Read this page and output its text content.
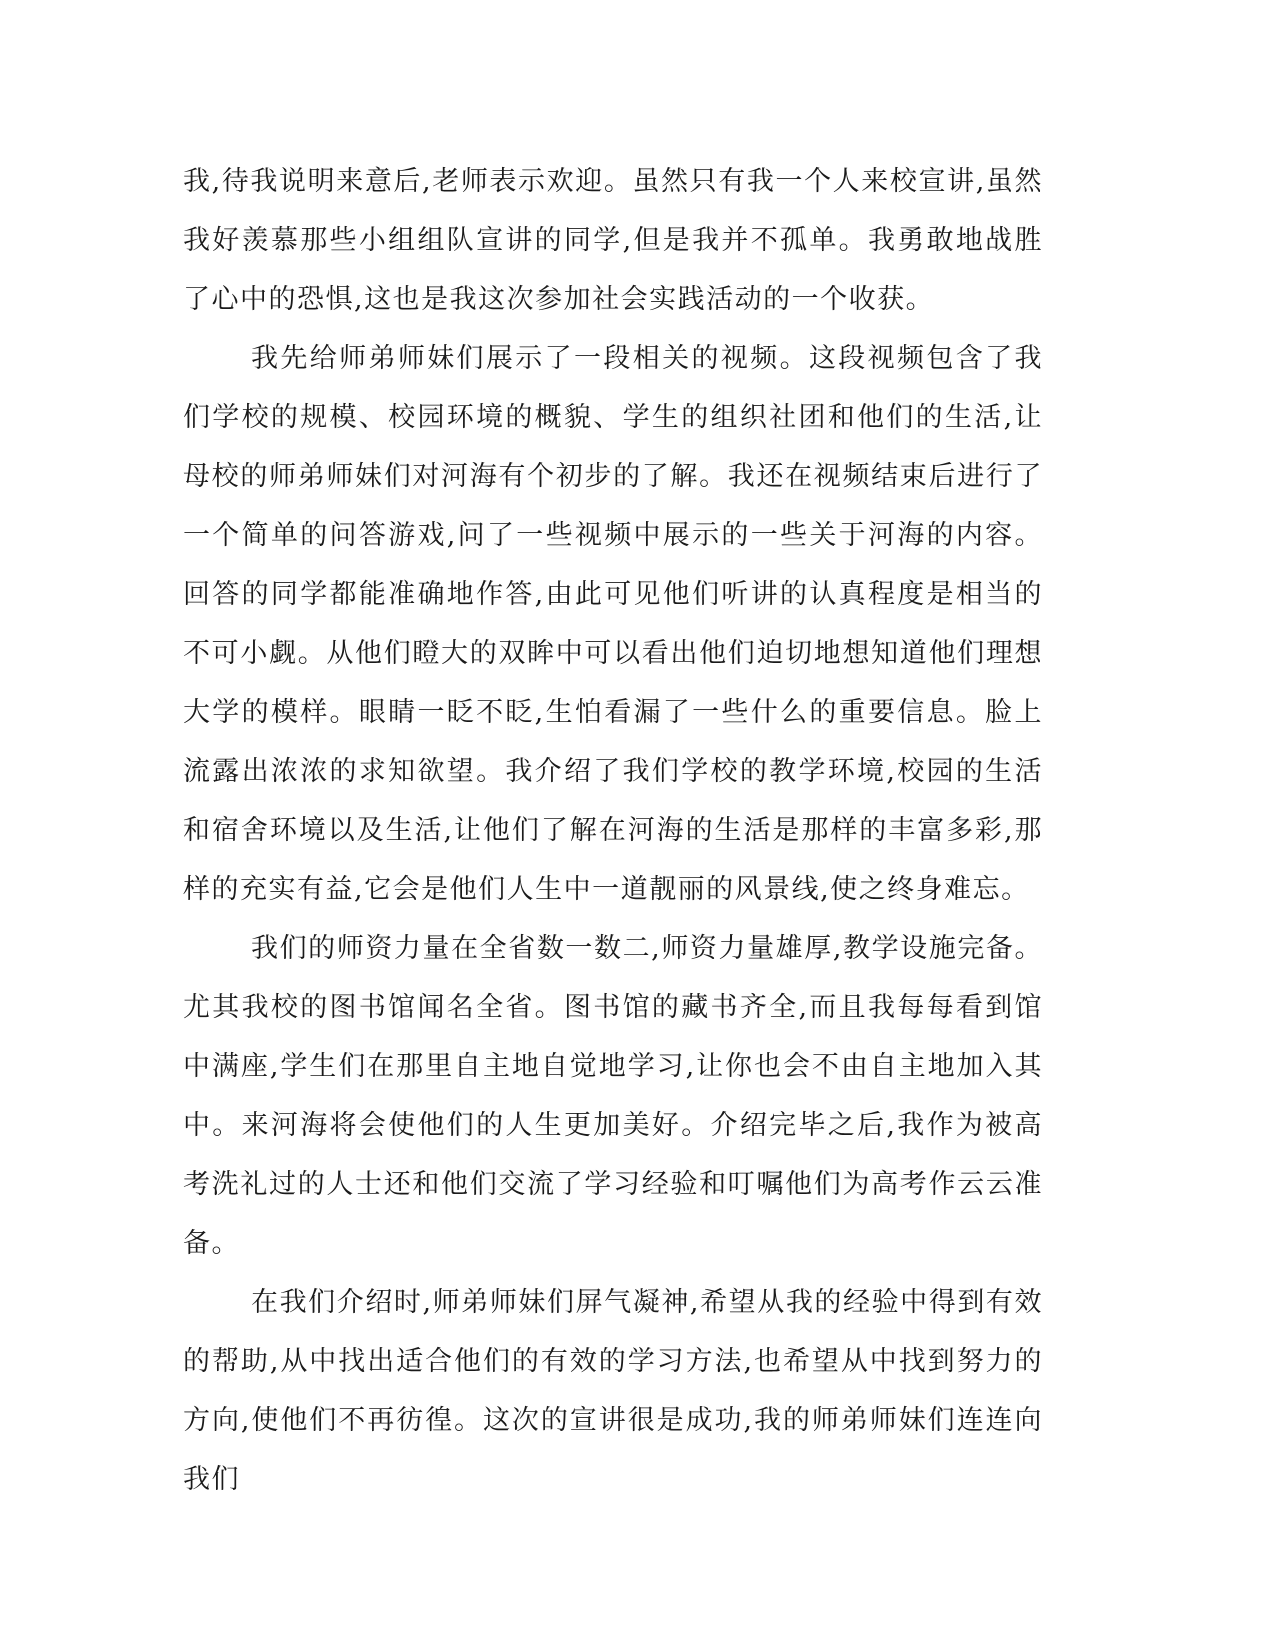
我,待我说明来意后,老师表示欢迎。虽然只有我一个人来校宣讲,虽然我好羡慕那些小组组队宣讲的同学,但是我并不孤单。我勇敢地战胜了心中的恐惧,这也是我这次参加社会实践活动的一个收获。

我先给师弟师妹们展示了一段相关的视频。这段视频包含了我们学校的规模、校园环境的概貌、学生的组织社团和他们的生活,让母校的师弟师妹们对河海有个初步的了解。我还在视频结束后进行了一个简单的问答游戏,问了一些视频中展示的一些关于河海的内容。回答的同学都能准确地作答,由此可见他们听讲的认真程度是相当的不可小觑。从他们瞪大的双眸中可以看出他们迫切地想知道他们理想大学的模样。眼睛一眨不眨,生怕看漏了一些什么的重要信息。脸上流露出浓浓的求知欲望。我介绍了我们学校的教学环境,校园的生活和宿舍环境以及生活,让他们了解在河海的生活是那样的丰富多彩,那样的充实有益,它会是他们人生中一道靓丽的风景线,使之终身难忘。

我们的师资力量在全省数一数二,师资力量雄厚,教学设施完备。尤其我校的图书馆闻名全省。图书馆的藏书齐全,而且我每每看到馆中满座,学生们在那里自主地自觉地学习,让你也会不由自主地加入其中。来河海将会使他们的人生更加美好。介绍完毕之后,我作为被高考洗礼过的人士还和他们交流了学习经验和叮嘱他们为高考作云云准备。

在我们介绍时,师弟师妹们屏气凝神,希望从我的经验中得到有效的帮助,从中找出适合他们的有效的学习方法,也希望从中找到努力的方向,使他们不再彷徨。这次的宣讲很是成功,我的师弟师妹们连连向我们
